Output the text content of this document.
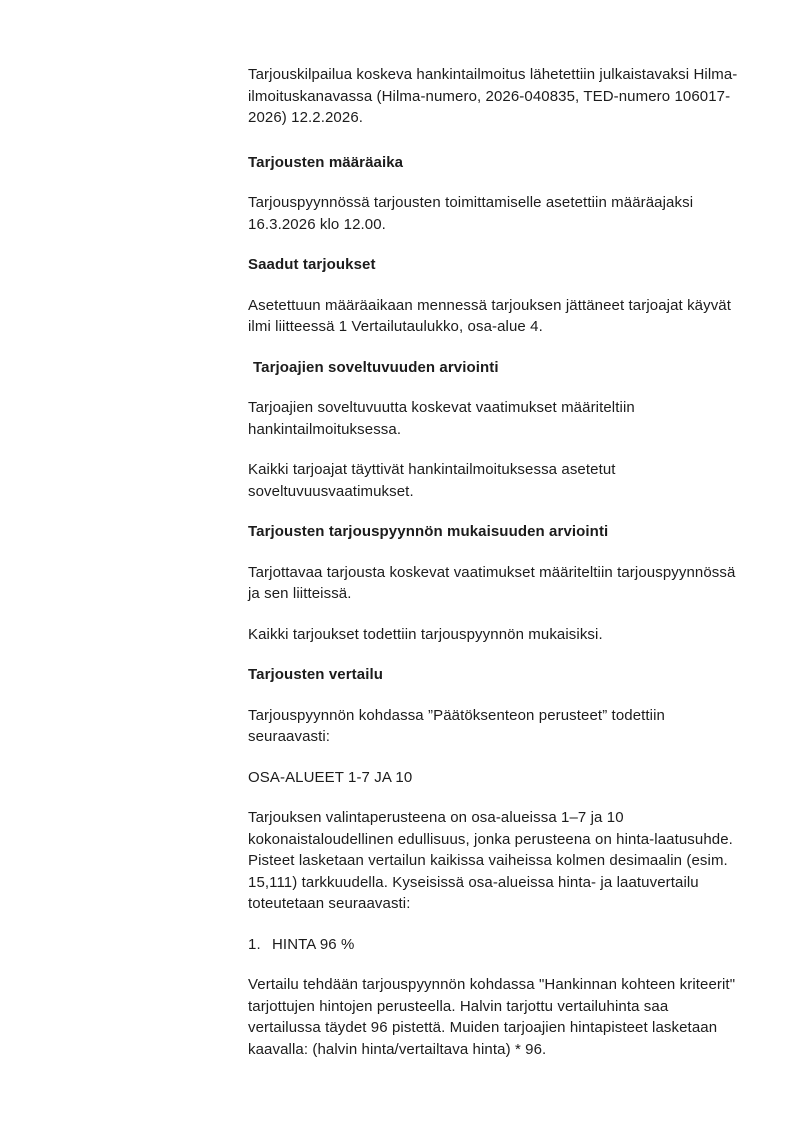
Tarjouskilpailua koskeva hankintailmoitus lähetettiin julkaistavaksi Hilma-ilmoituskanavassa (Hilma-numero, 2026-040835, TED-numero 106017-2026) 12.2.2026.

Tarjousten määräaika

Tarjouspyynnössä tarjousten toimittamiselle asetettiin määräajaksi 16.3.2026 klo 12.00.

Saadut tarjoukset

Asetettuun määräaikaan mennessä tarjouksen jättäneet tarjoajat käyvät ilmi liitteessä 1 Vertailutaulukko, osa-alue 4.

Tarjoajien soveltuvuuden arviointi

Tarjoajien soveltuvuutta koskevat vaatimukset määriteltiin hankintailmoituksessa.

Kaikki tarjoajat täyttivät hankintailmoituksessa asetetut soveltuvuusvaatimukset.

Tarjousten tarjouspyynnön mukaisuuden arviointi

Tarjottavaa tarjousta koskevat vaatimukset määriteltiin tarjouspyynnössä ja sen liitteissä.

Kaikki tarjoukset todettiin tarjouspyynnön mukaisiksi.

Tarjousten vertailu

Tarjouspyynnön kohdassa ”Päätöksenteon perusteet” todettiin seuraavasti:

OSA-ALUEET 1-7 JA 10

Tarjouksen valintaperusteena on osa-alueissa 1–7 ja 10 kokonaistaloudellinen edullisuus, jonka perusteena on hinta-laatusuhde. Pisteet lasketaan vertailun kaikissa vaiheissa kolmen desimaalin (esim. 15,111) tarkkuudella. Kyseisissä osa-alueissa hinta- ja laatuvertailu toteutetaan seuraavasti:

1. HINTA 96 %

Vertailu tehdään tarjouspyynnön kohdassa "Hankinnan kohteen kriteerit" tarjottujen hintojen perusteella. Halvin tarjottu vertailuhinta saa vertailussa täydet 96 pistettä. Muiden tarjoajien hintapisteet lasketaan kaavalla: (halvin hinta/vertailtava hinta) * 96.
